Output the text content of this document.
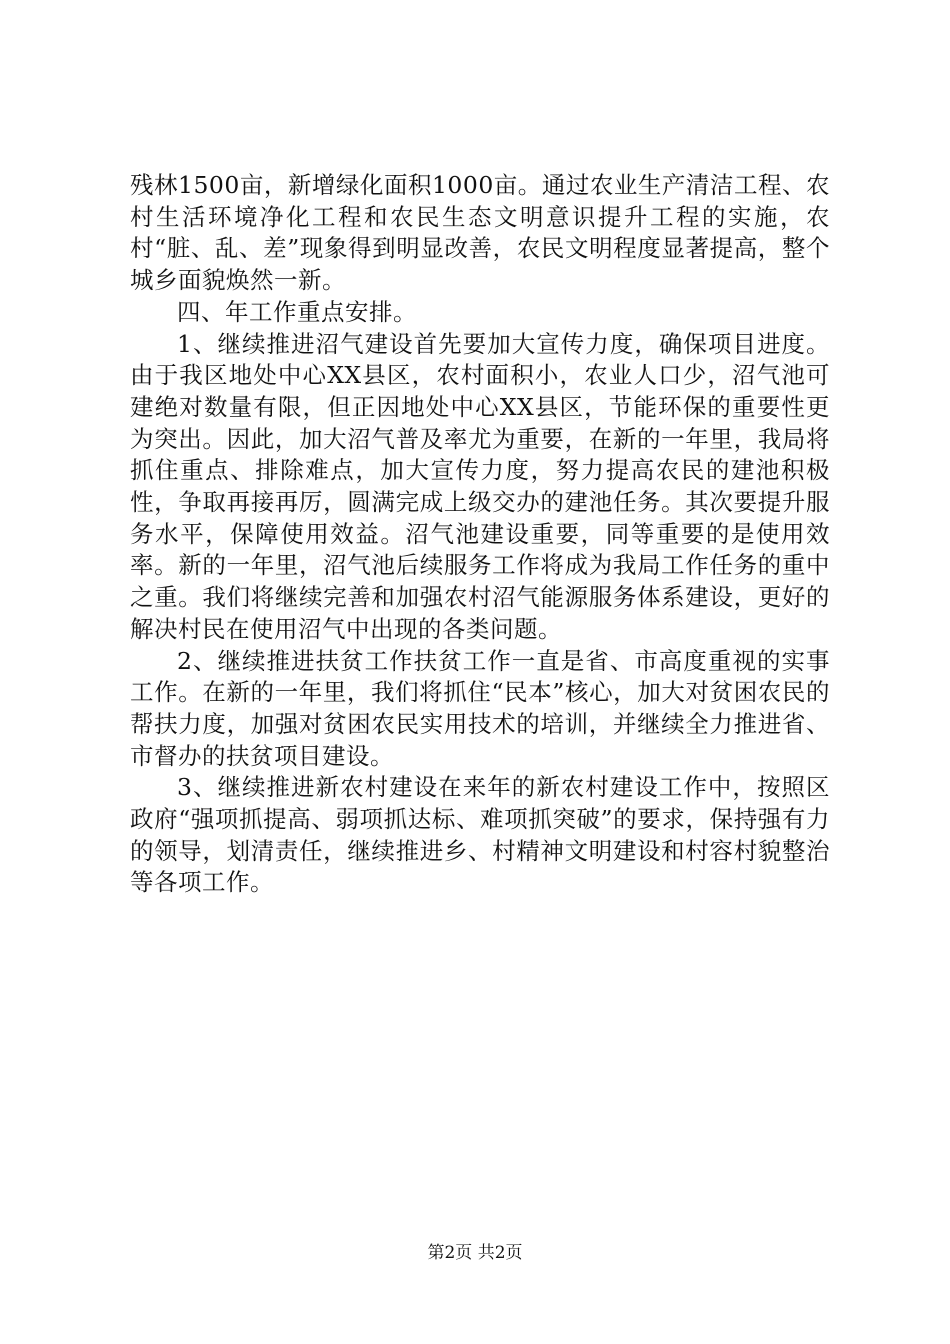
残林1500亩，新增绿化面积1000亩。通过农业生产清洁工程、农村生活环境净化工程和农民生态文明意识提升工程的实施，农村“脏、乱、差”现象得到明显改善，农民文明程度显著提高，整个城乡面貌焕然一新。

四、年工作重点安排。

1、继续推进沼气建设首先要加大宣传力度，确保项目进度。由于我区地处中心XX县区，农村面积小，农业人口少，沼气池可建绝对数量有限，但正因地处中心XX县区，节能环保的重要性更为突出。因此，加大沼气普及率尤为重要，在新的一年里，我局将抓住重点、排除难点，加大宣传力度，努力提高农民的建池积极性，争取再接再厉，圆满完成上级交办的建池任务。其次要提升服务水平，保障使用效益。沼气池建设重要，同等重要的是使用效率。新的一年里，沼气池后续服务工作将成为我局工作任务的重中之重。我们将继续完善和加强农村沼气能源服务体系建设，更好的解决村民在使用沼气中出现的各类问题。

2、继续推进扶贫工作扶贫工作一直是省、市高度重视的实事工作。在新的一年里，我们将抓住“民本”核心，加大对贫困农民的帮扶力度，加强对贫困农民实用技术的培训，并继续全力推进省、市督办的扶贫项目建设。

3、继续推进新农村建设在来年的新农村建设工作中，按照区政府“强项抓提高、弱项抓达标、难项抓突破”的要求，保持强有力的领导，划清责任，继续推进乡、村精神文明建设和村容村貌整治等各项工作。

第2页 共2页
